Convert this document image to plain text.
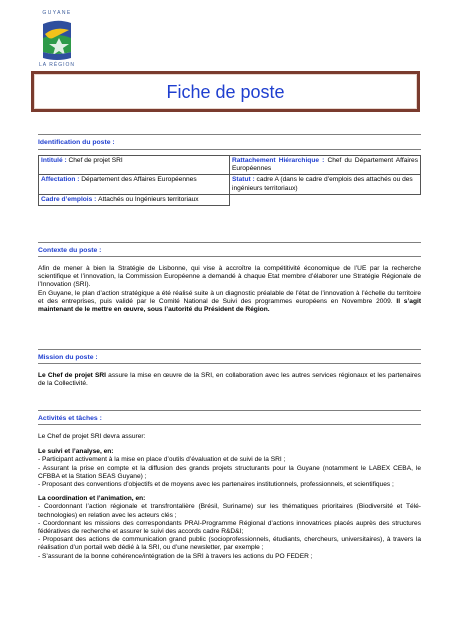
GUYANE
LA RÉGION
Fiche de poste
Identification du poste :
Intitulé : Chef de projet SRI	Rattachement Hiérarchique : Chef du Département Affaires Européennes
Affectation : Département des Affaires Européennes	Statut : cadre A (dans le cadre d’emplois des attachés ou des ingénieurs territoriaux)
Cadre d’emplois : Attachés ou Ingénieurs territoriaux	
Contexte du poste :

Afin de mener à bien la Stratégie de Lisbonne, qui vise à accroître la compétitivité économique de l’UE par la recherche scientifique et l’innovation, la Commission Européenne a demandé à chaque Etat membre d’élaborer une Stratégie Régionale de l’Innovation (SRI).

En Guyane, le plan d’action stratégique a été réalisé suite à un diagnostic préalable de l’état de l’innovation à l’échelle du territoire et des entreprises, puis validé par le Comité National de Suivi des programmes européens en Novembre 2009. Il s’agit maintenant de le mettre en œuvre, sous l’autorité du Président de Région.

Mission du poste :

Le Chef de projet SRI assure la mise en œuvre de la SRI, en collaboration avec les autres services régionaux et les partenaires de la Collectivité.

Activités et tâches :

Le Chef de projet SRI devra assurer:

Le suivi et l’analyse, en:

- Participant activement à la mise en place d’outils d’évaluation et de suivi de la SRI ;

- Assurant la prise en compte et la diffusion des grands projets structurants pour la Guyane (notamment le LABEX CEBA, le CFBBA et la Station SEAS Guyane) ;

- Proposant des conventions d’objectifs et de moyens avec les partenaires institutionnels, professionnels, et scientifiques ;

La coordination et l’animation, en:

- Coordonnant l’action régionale et transfrontalière (Brésil, Suriname) sur les thématiques prioritaires (Biodiversité et Télé-technologies) en relation avec les acteurs clés ;

- Coordonnant les missions des correspondants PRAI-Programme Régional d’actions innovatrices placés auprès des structures fédératives de recherche et assurer le suivi des accords cadre R&D&I;

- Proposant des actions de communication grand public (socioprofessionnels, étudiants, chercheurs, universitaires), à travers la réalisation d’un portail web dédié à la SRI, ou d’une newsletter, par exemple ;

- S’assurant de la bonne cohérence/intégration de la SRI à travers les actions du PO FEDER ;
